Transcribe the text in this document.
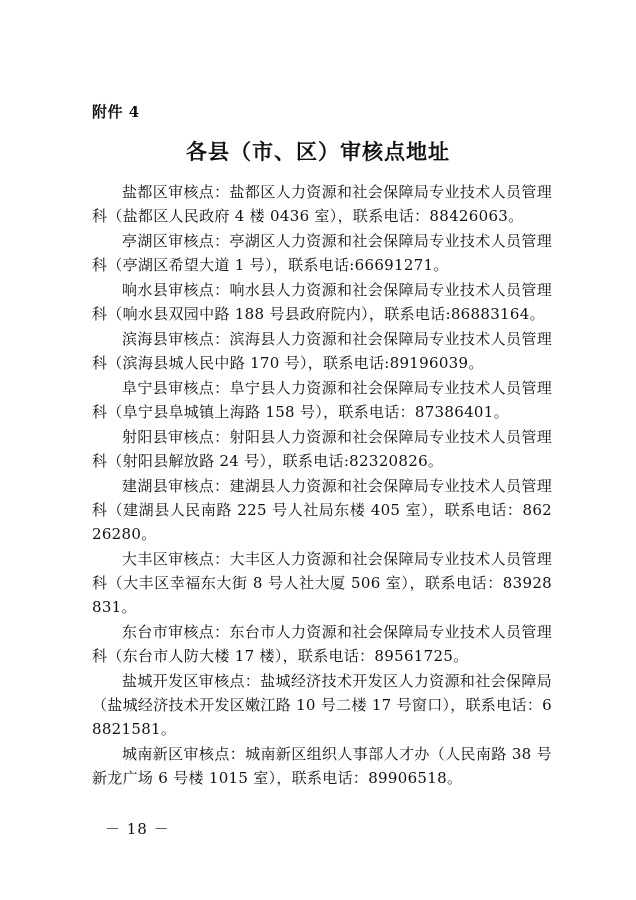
附件 4
各县（市、区）审核点地址

盐都区审核点：盐都区人力资源和社会保障局专业技术人员管理科（盐都区人民政府 4 楼 0436 室），联系电话：88426063。

亭湖区审核点：亭湖区人力资源和社会保障局专业技术人员管理科（亭湖区希望大道 1 号），联系电话:66691271。

响水县审核点：响水县人力资源和社会保障局专业技术人员管理科（响水县双园中路 188 号县政府院内），联系电话:86883164。

滨海县审核点：滨海县人力资源和社会保障局专业技术人员管理科（滨海县城人民中路 170 号），联系电话:89196039。

阜宁县审核点：阜宁县人力资源和社会保障局专业技术人员管理科（阜宁县阜城镇上海路 158 号），联系电话：87386401。

射阳县审核点：射阳县人力资源和社会保障局专业技术人员管理科（射阳县解放路 24 号），联系电话:82320826。

建湖县审核点：建湖县人力资源和社会保障局专业技术人员管理科（建湖县人民南路 225 号人社局东楼 405 室），联系电话：86226280。

大丰区审核点：大丰区人力资源和社会保障局专业技术人员管理科（大丰区幸福东大街 8 号人社大厦 506 室），联系电话：83928831。

东台市审核点：东台市人力资源和社会保障局专业技术人员管理科（东台市人防大楼 17 楼），联系电话：89561725。

盐城开发区审核点：盐城经济技术开发区人力资源和社会保障局（盐城经济技术开发区嫩江路 10 号二楼 17 号窗口），联系电话：68821581。

城南新区审核点：城南新区组织人事部人才办（人民南路 38 号新龙广场 6 号楼 1015 室），联系电话：89906518。

－ 18 －
